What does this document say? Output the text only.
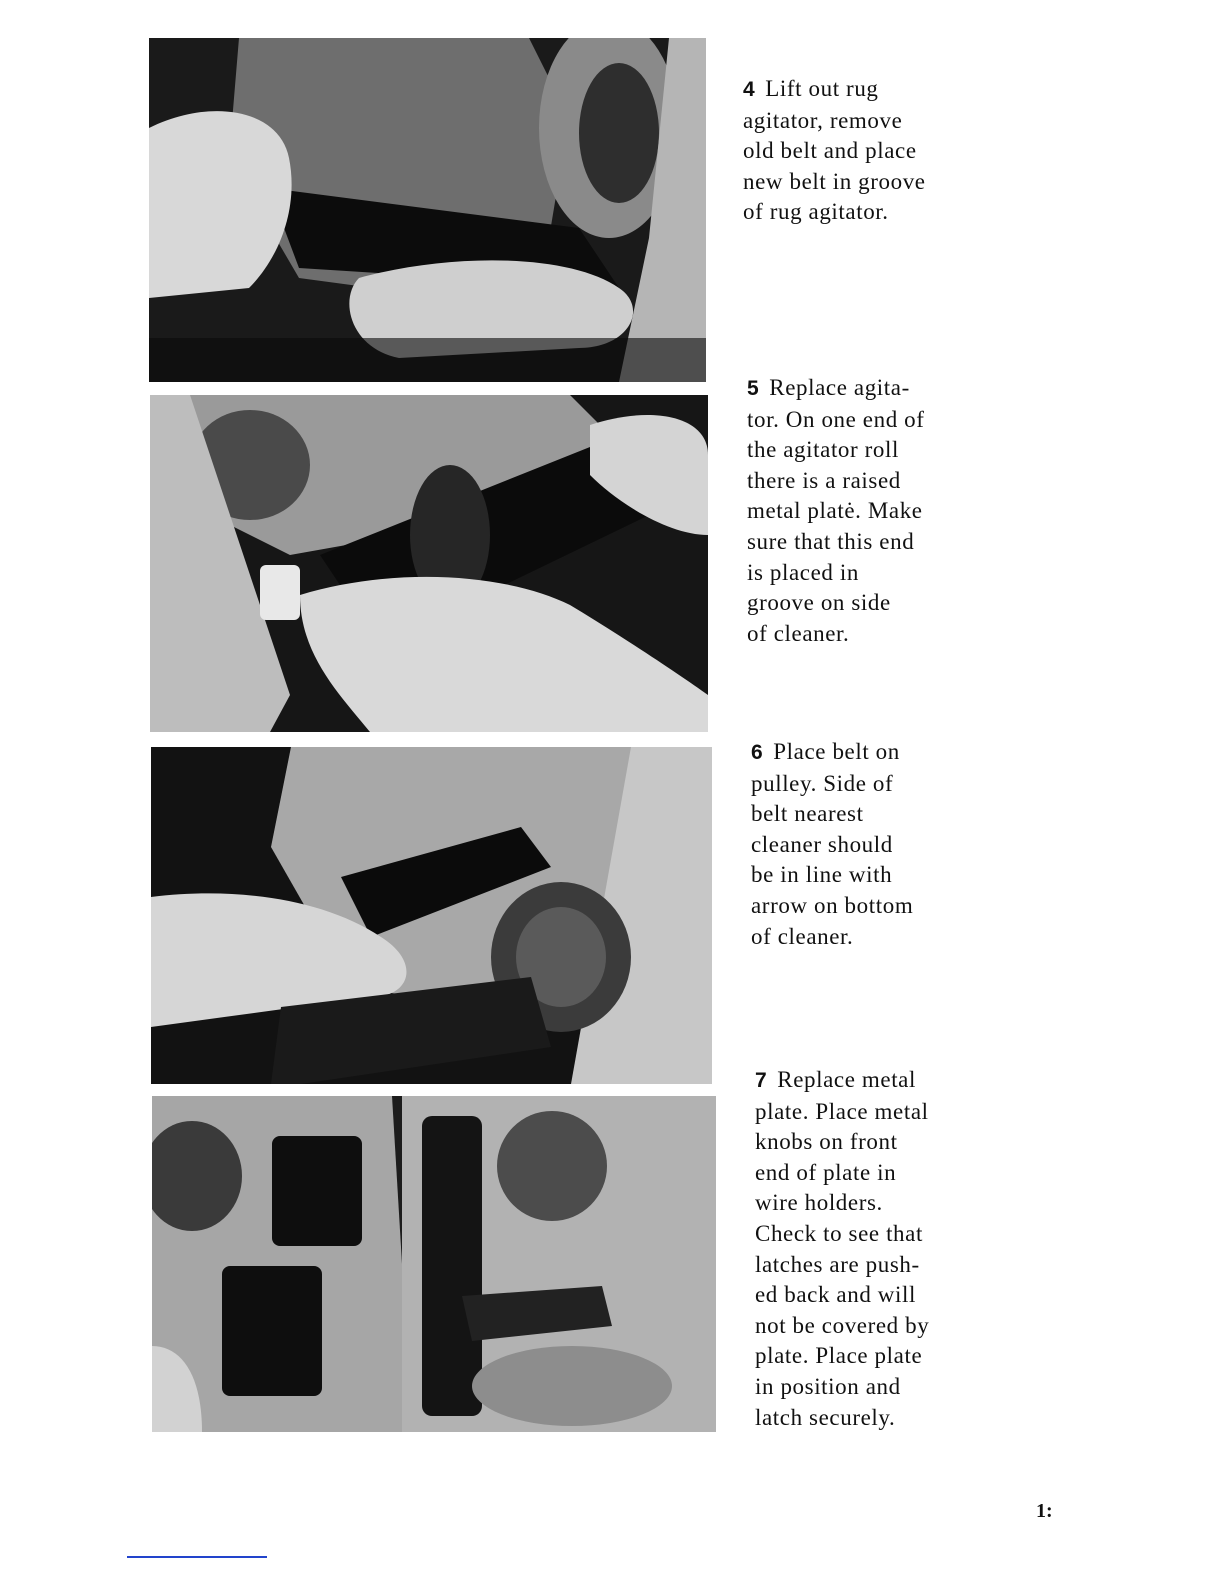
4 Lift out rug
agitator, remove
old belt and place
new belt in groove
of rug agitator.
5 Replace agita-
tor. On one end of
the agitator roll
there is a raised
metal platė. Make
sure that this end
is placed in
groove on side
of cleaner.
6 Place belt on
pulley. Side of
belt nearest
cleaner should
be in line with
arrow on bottom
of cleaner.
7 Replace metal
plate. Place metal
knobs on front
end of plate in
wire holders.
Check to see that
latches are push-
ed back and will
not be covered by
plate. Place plate
in position and
latch securely.
1:
